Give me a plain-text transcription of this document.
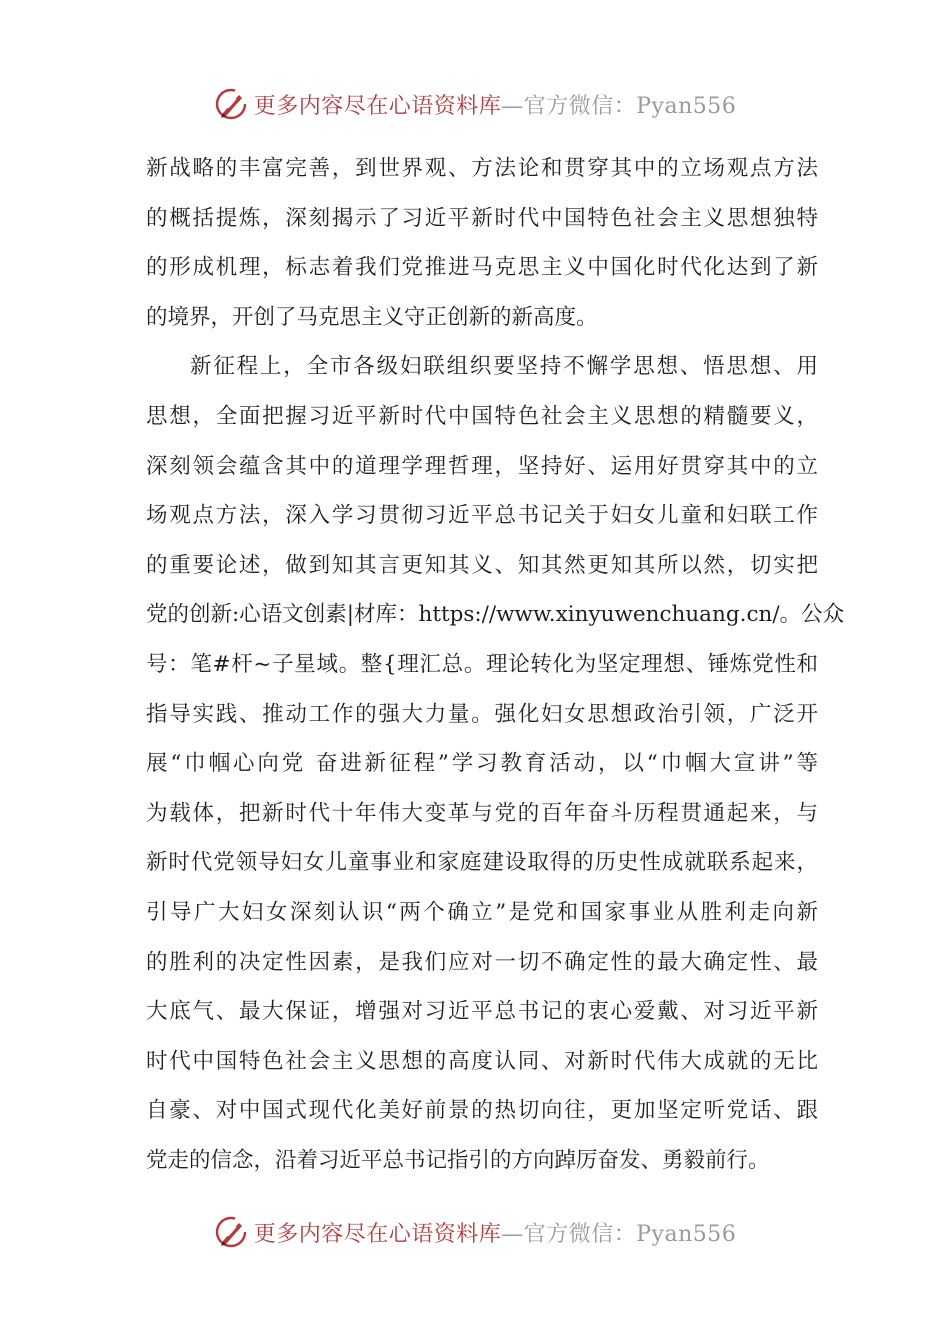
更多内容尽在心语资料库—官方微信：Pyan556
新战略的丰富完善，到世界观、方法论和贯穿其中的立场观点方法
的概括提炼，深刻揭示了习近平新时代中国特色社会主义思想独特
的形成机理，标志着我们党推进马克思主义中国化时代化达到了新
的境界，开创了马克思主义守正创新的新高度。
新征程上，全市各级妇联组织要坚持不懈学思想、悟思想、用
思想，全面把握习近平新时代中国特色社会主义思想的精髓要义，
深刻领会蕴含其中的道理学理哲理，坚持好、运用好贯穿其中的立
场观点方法，深入学习贯彻习近平总书记关于妇女儿童和妇联工作
的重要论述，做到知其言更知其义、知其然更知其所以然，切实把
党的创新:心语文创素|材库：https://www.xinyuwenchuang.cn/。公众
号：笔#杆~子星域。整{理汇总。理论转化为坚定理想、锤炼党性和
指导实践、推动工作的强大力量。强化妇女思想政治引领，广泛开
展“巾帼心向党 奋进新征程”学习教育活动，以“巾帼大宣讲”等
为载体，把新时代十年伟大变革与党的百年奋斗历程贯通起来，与
新时代党领导妇女儿童事业和家庭建设取得的历史性成就联系起来，
引导广大妇女深刻认识“两个确立”是党和国家事业从胜利走向新
的胜利的决定性因素，是我们应对一切不确定性的最大确定性、最
大底气、最大保证，增强对习近平总书记的衷心爱戴、对习近平新
时代中国特色社会主义思想的高度认同、对新时代伟大成就的无比
自豪、对中国式现代化美好前景的热切向往，更加坚定听党话、跟
党走的信念，沿着习近平总书记指引的方向踔厉奋发、勇毅前行。
更多内容尽在心语资料库—官方微信：Pyan556
